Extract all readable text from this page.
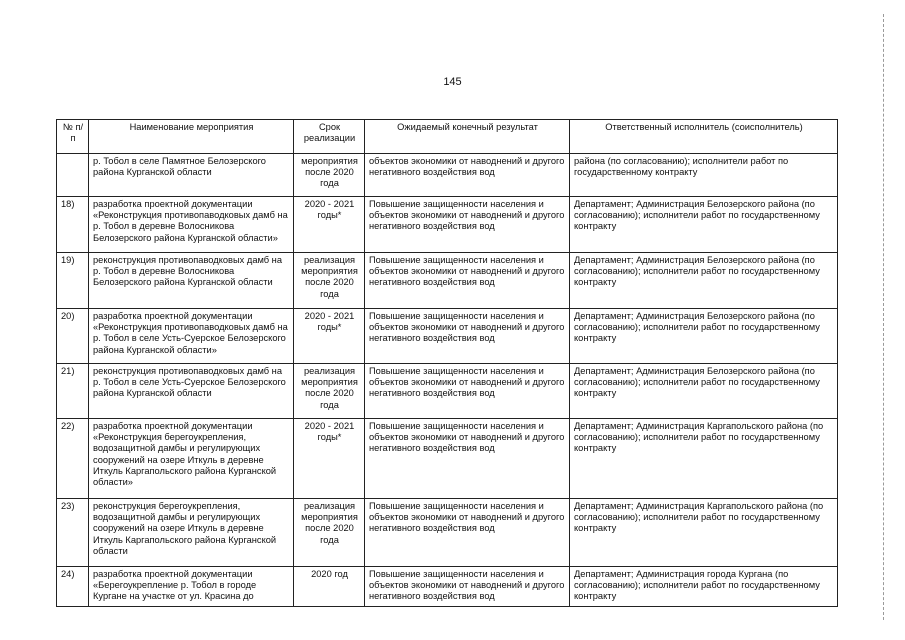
145
№ п/п	Наименование мероприятия	Срок реализации	Ожидаемый конечный результат	Ответственный исполнитель (соисполнитель)
	р. Тобол в селе Памятное Белозерского района Курганской области	мероприятия после 2020 года	объектов экономики от наводнений и другого негативного воздействия вод	района (по согласованию); исполнители работ по государственному контракту
18)	разработка проектной документации «Реконструкция противопаводковых дамб на р. Тобол в деревне Волосникова Белозерского района Курганской области»	2020 - 2021 годы*	Повышение защищенности населения и объектов экономики от наводнений и другого негативного воздействия вод	Департамент; Администрация Белозерского района (по согласованию); исполнители работ по государственному контракту
19)	реконструкция противопаводковых дамб на р. Тобол в деревне Волосникова Белозерского района Курганской области	реализация мероприятия после 2020 года	Повышение защищенности населения и объектов экономики от наводнений и другого негативного воздействия вод	Департамент; Администрация Белозерского района (по согласованию); исполнители работ по государственному контракту
20)	разработка проектной документации «Реконструкция противопаводковых дамб на р. Тобол в селе Усть-Суерское Белозерского района Курганской области»	2020 - 2021 годы*	Повышение защищенности населения и объектов экономики от наводнений и другого негативного воздействия вод	Департамент; Администрация Белозерского района (по согласованию); исполнители работ по государственному контракту
21)	реконструкция противопаводковых дамб на р. Тобол в селе Усть-Суерское Белозерского района Курганской области	реализация мероприятия после 2020 года	Повышение защищенности населения и объектов экономики от наводнений и другого негативного воздействия вод	Департамент; Администрация Белозерского района (по согласованию); исполнители работ по государственному контракту
22)	разработка проектной документации «Реконструкция берегоукрепления, водозащитной дамбы и регулирующих сооружений на озере Иткуль в деревне Иткуль Каргапольского района Курганской области»	2020 - 2021 годы*	Повышение защищенности населения и объектов экономики от наводнений и другого негативного воздействия вод	Департамент; Администрация Каргапольского района (по согласованию); исполнители работ по государственному контракту
23)	реконструкция берегоукрепления, водозащитной дамбы и регулирующих сооружений на озере Иткуль в деревне Иткуль Каргапольского района Курганской области	реализация мероприятия после 2020 года	Повышение защищенности населения и объектов экономики от наводнений и другого негативного воздействия вод	Департамент; Администрация Каргапольского района (по согласованию); исполнители работ по государственному контракту
24)	разработка проектной документации «Берегоукрепление р. Тобол в городе Кургане на участке от ул. Красина до	2020 год	Повышение защищенности населения и объектов экономики от наводнений и другого негативного воздействия вод	Департамент; Администрация города Кургана (по согласованию); исполнители работ по государственному контракту
